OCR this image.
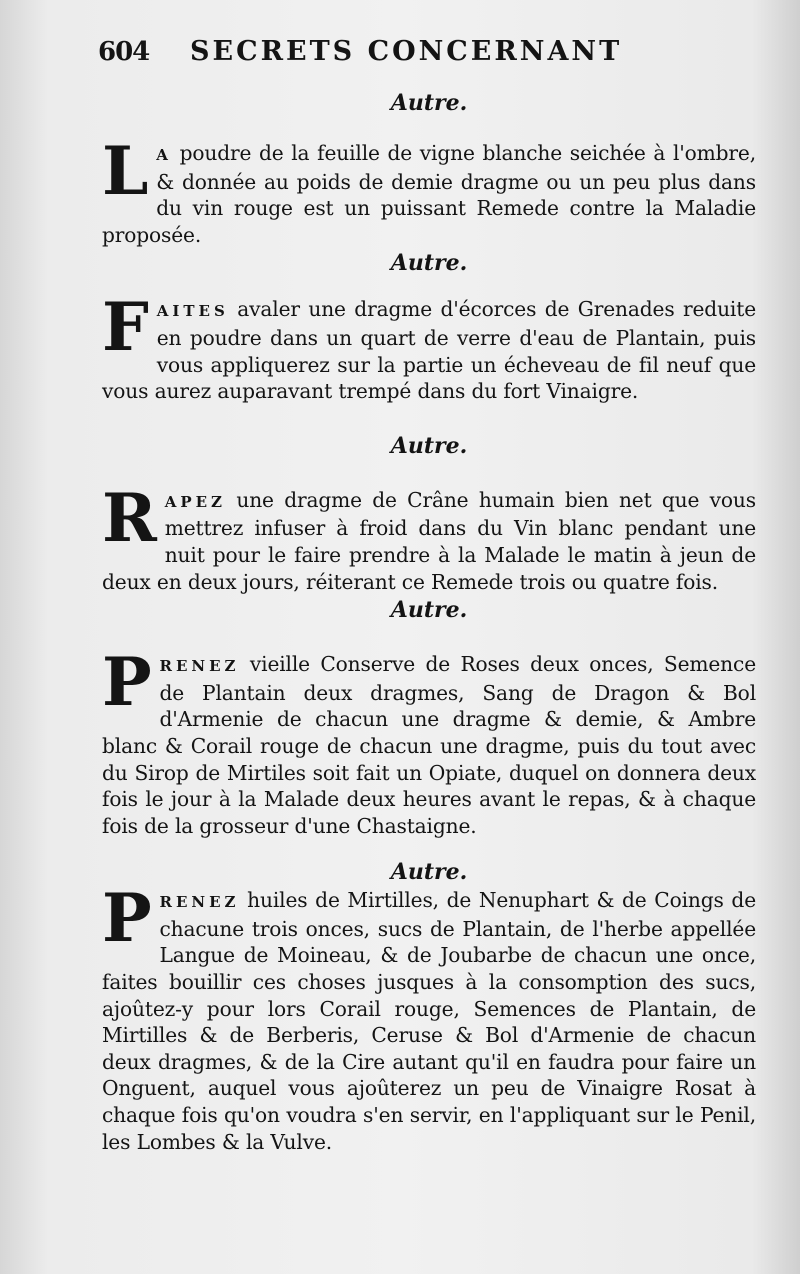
604	SECRETS CONCERNANT
Autre.

LA poudre de la feuille de vigne blanche seichée à l'ombre, & donnée au poids de demie dragme ou un peu plus dans du vin rouge est un puissant Remede contre la Maladie proposée.

Autre.

FAITES avaler une dragme d'écorces de Grenades reduite en poudre dans un quart de verre d'eau de Plantain, puis vous appliquerez sur la partie un écheveau de fil neuf que vous aurez auparavant trempé dans du fort Vinaigre.

Autre.

RAPEZ une dragme de Crâne humain bien net que vous mettrez infuser à froid dans du Vin blanc pendant une nuit pour le faire prendre à la Malade le matin à jeun de deux en deux jours, réiterant ce Remede trois ou quatre fois.

Autre.

PRENEZ vieille Conserve de Roses deux onces, Semence de Plantain deux dragmes, Sang de Dragon & Bol d'Armenie de chacun une dragme & demie, & Ambre blanc & Corail rouge de chacun une dragme, puis du tout avec du Sirop de Mirtiles soit fait un Opiate, duquel on donnera deux fois le jour à la Malade deux heures avant le repas, & à chaque fois de la grosseur d'une Chastaigne.

Autre.

PRENEZ huiles de Mirtilles, de Nenuphart & de Coings de chacune trois onces, sucs de Plantain, de l'herbe appellée Langue de Moineau, & de Joubarbe de chacun une once, faites bouillir ces choses jusques à la consomption des sucs, ajoûtez-y pour lors Corail rouge, Semences de Plantain, de Mirtilles & de Berberis, Ceruse & Bol d'Armenie de chacun deux dragmes, & de la Cire autant qu'il en faudra pour faire un Onguent, auquel vous ajoûterez un peu de Vinaigre Rosat à chaque fois qu'on voudra s'en servir, en l'appliquant sur le Penil, les Lombes & la Vulve.
